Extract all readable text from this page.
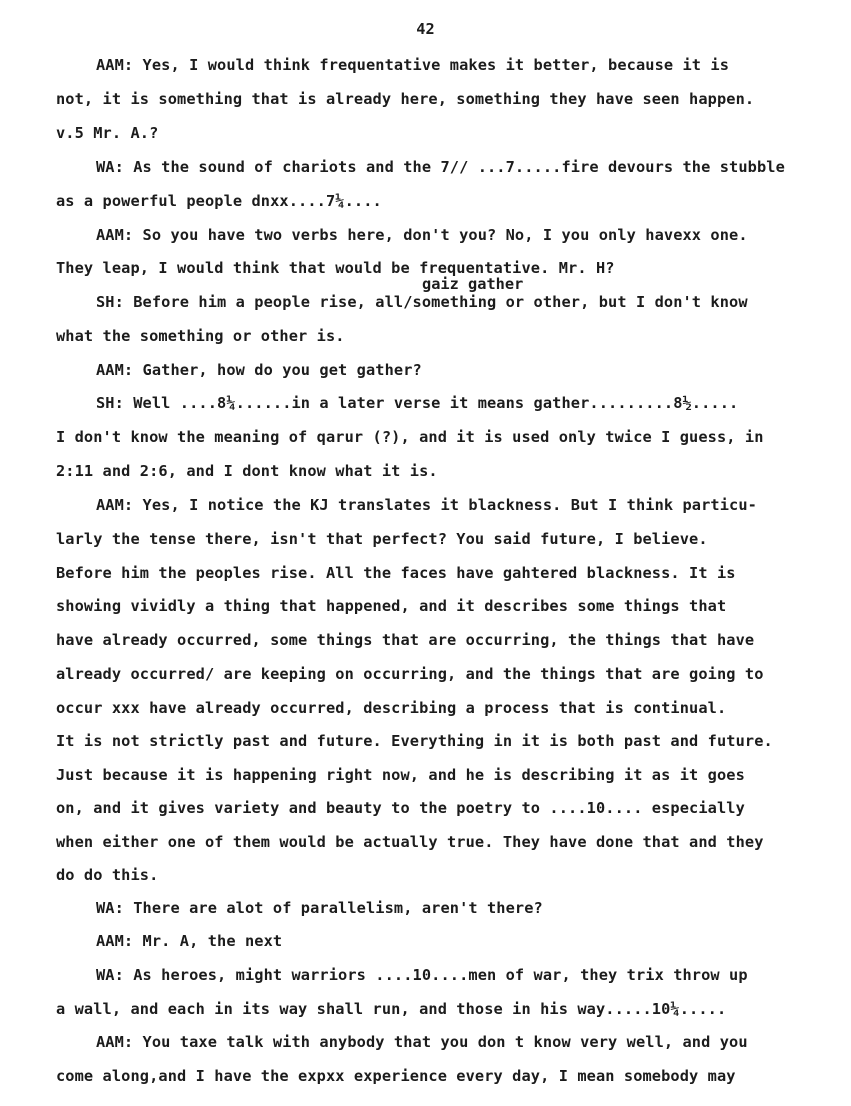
42
AAM: Yes, I would think frequentative makes it better, because it is
not, it is something that is already here, something they have seen happen.
v.5 Mr. A.?
WA: As the sound of chariots and the 7// ...7.....fire devours the stubble
as a powerful people dnxx....7¼....
AAM: So you have two verbs here, don't you? No, I you only havexx one.
They leap, I would think that would be frequentative. Mr. H?
gaiz gather
SH: Before him a people rise, all/something or other, but I don't know
what the something or other is.
AAM: Gather, how do you get gather?
SH: Well ....8¼......in a later verse it means gather.........8½.....
I don't know the meaning of qarur (?), and it is used only twice I guess, in
2:11 and 2:6, and I dont know what it is.
AAM: Yes, I notice the KJ translates it blackness. But I think particu-
larly the tense there, isn't that perfect? You said future, I believe.
Before him the peoples rise. All the faces have gahtered blackness. It is
showing vividly a thing that happened, and it describes some things that
have already occurred, some things that are occurring, the things that have
already occurred/ are keeping on occurring, and the things that are going to
occur xxx have already occurred, describing a process that is continual.
It is not strictly past and future. Everything in it is both past and future.
Just because it is happening right now, and he is describing it as it goes
on, and it gives variety and beauty to the poetry to ....10.... especially
when either one of them would be actually true. They have done that and they
do do this.
WA: There are alot of parallelism, aren't there?
AAM: Mr. A, the next
WA: As heroes, might warriors ....10....men of war, they trix throw up
a wall, and each in its way shall run, and those in his way.....10¼.....
AAM: You taxe talk with anybody that you don t know very well, and you
come along,and I have the expxx experience every day, I mean somebody may
